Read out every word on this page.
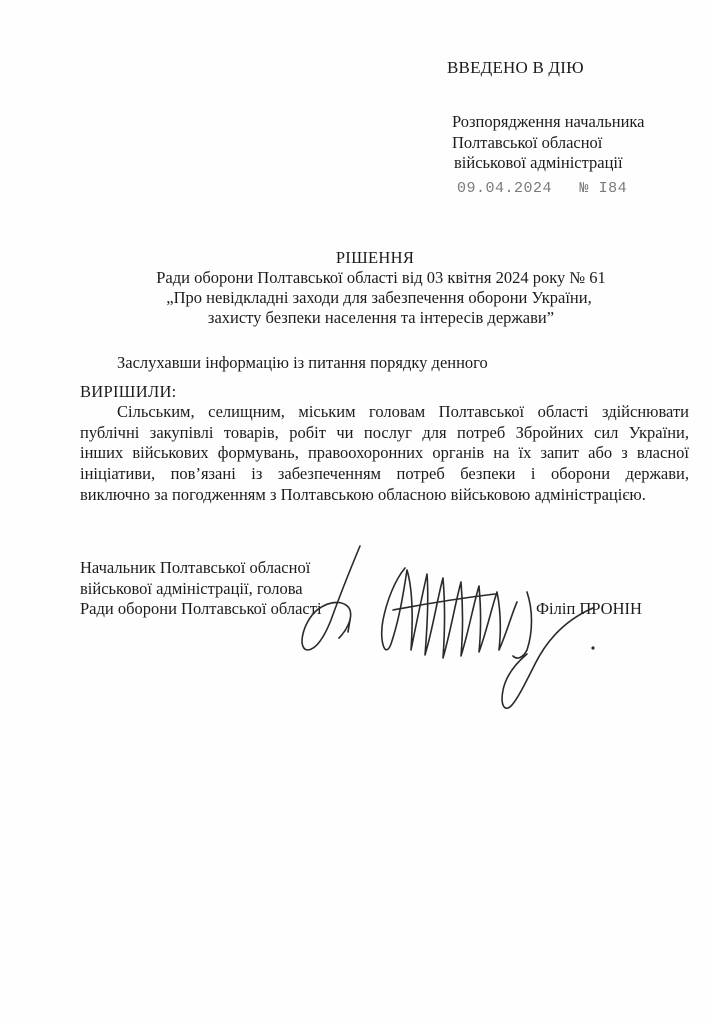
ВВЕДЕНО В ДІЮ
Розпорядження начальника
Полтавської обласної
військової адміністрації
09.04.2024 № I84
РІШЕННЯ
Ради оборони Полтавської області від 03 квітня 2024 року № 61
„Про невідкладні заходи для забезпечення оборони України,
захисту безпеки населення та інтересів держави”
Заслухавши інформацію із питання порядку денного
ВИРІШИЛИ:
Сільським, селищним, міським головам Полтавської області здійснювати
публічні закупівлі товарів, робіт чи послуг для потреб Збройних сил України,
інших військових формувань, правоохоронних органів на їх запит або з власної
ініціативи, пов’язані із забезпеченням потреб безпеки і оборони держави,
виключно за погодженням з Полтавською обласною військовою адміністрацією.
Начальник Полтавської обласної
військової адміністрації, голова
Ради оборони Полтавської області	Філіп ПРОНІН
